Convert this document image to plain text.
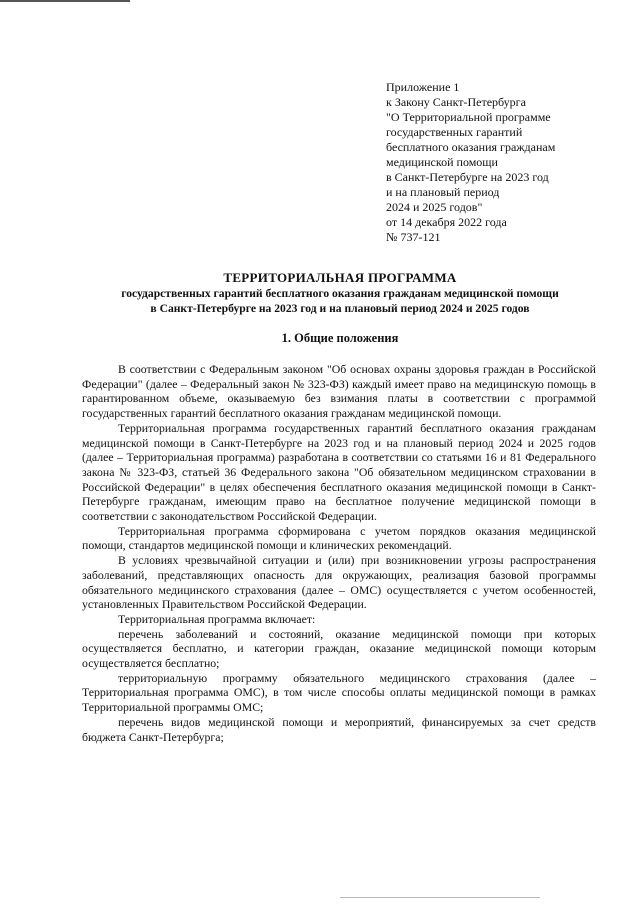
Приложение 1
к Закону Санкт-Петербурга
"О Территориальной программе
государственных гарантий
бесплатного оказания гражданам
медицинской помощи
в Санкт-Петербурге на 2023 год
и на плановый период
2024 и 2025 годов"
от 14 декабря 2022 года
№ 737-121
ТЕРРИТОРИАЛЬНАЯ ПРОГРАММА
государственных гарантий бесплатного оказания гражданам медицинской помощи
в Санкт-Петербурге на 2023 год и на плановый период 2024 и 2025 годов
1. Общие положения

В соответствии с Федеральным законом "Об основах охраны здоровья граждан в Российской Федерации" (далее – Федеральный закон № 323-ФЗ) каждый имеет право на медицинскую помощь в гарантированном объеме, оказываемую без взимания платы в соответствии с программой государственных гарантий бесплатного оказания гражданам медицинской помощи.

Территориальная программа государственных гарантий бесплатного оказания гражданам медицинской помощи в Санкт-Петербурге на 2023 год и на плановый период 2024 и 2025 годов (далее – Территориальная программа) разработана в соответствии со статьями 16 и 81 Федерального закона № 323-ФЗ, статьей 36 Федерального закона "Об обязательном медицинском страховании в Российской Федерации" в целях обеспечения бесплатного оказания медицинской помощи в Санкт-Петербурге гражданам, имеющим право на бесплатное получение медицинской помощи в соответствии с законодательством Российской Федерации.

Территориальная программа сформирована с учетом порядков оказания медицинской помощи, стандартов медицинской помощи и клинических рекомендаций.

В условиях чрезвычайной ситуации и (или) при возникновении угрозы распространения заболеваний, представляющих опасность для окружающих, реализация базовой программы обязательного медицинского страхования (далее – ОМС) осуществляется с учетом особенностей, установленных Правительством Российской Федерации.

Территориальная программа включает:

перечень заболеваний и состояний, оказание медицинской помощи при которых осуществляется бесплатно, и категории граждан, оказание медицинской помощи которым осуществляется бесплатно;

территориальную программу обязательного медицинского страхования (далее – Территориальная программа ОМС), в том числе способы оплаты медицинской помощи в рамках Территориальной программы ОМС;

перечень видов медицинской помощи и мероприятий, финансируемых за счет средств бюджета Санкт-Петербурга;
